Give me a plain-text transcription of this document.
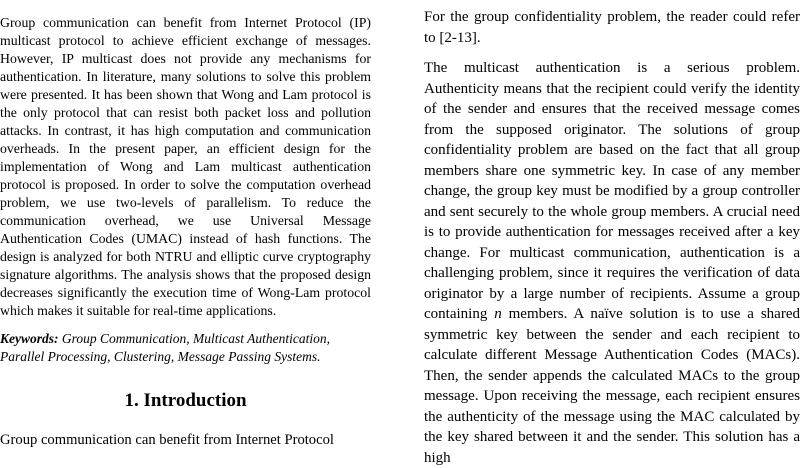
Group communication can benefit from Internet Protocol (IP) multicast protocol to achieve efficient exchange of messages. However, IP multicast does not provide any mechanisms for authentication. In literature, many solutions to solve this problem were presented. It has been shown that Wong and Lam protocol is the only protocol that can resist both packet loss and pollution attacks. In contrast, it has high computation and communication overheads. In the present paper, an efficient design for the implementation of Wong and Lam multicast authentication protocol is proposed. In order to solve the computation overhead problem, we use two-levels of parallelism. To reduce the communication overhead, we use Universal Message Authentication Codes (UMAC) instead of hash functions. The design is analyzed for both NTRU and elliptic curve cryptography signature algorithms. The analysis shows that the proposed design decreases significantly the execution time of Wong-Lam protocol which makes it suitable for real-time applications.

Keywords: Group Communication, Multicast Authentication, Parallel Processing, Clustering, Message Passing Systems.

1. Introduction

Group communication can benefit from Internet Protocol

For the group confidentiality problem, the reader could refer to [2-13].

The multicast authentication is a serious problem. Authenticity means that the recipient could verify the identity of the sender and ensures that the received message comes from the supposed originator. The solutions of group confidentiality problem are based on the fact that all group members share one symmetric key. In case of any member change, the group key must be modified by a group controller and sent securely to the whole group members. A crucial need is to provide authentication for messages received after a key change. For multicast communication, authentication is a challenging problem, since it requires the verification of data originator by a large number of recipients. Assume a group containing n members. A naïve solution is to use a shared symmetric key between the sender and each recipient to calculate different Message Authentication Codes (MACs). Then, the sender appends the calculated MACs to the group message. Upon receiving the message, each recipient ensures the authenticity of the message using the MAC calculated by the key shared between it and the sender. This solution has a high
